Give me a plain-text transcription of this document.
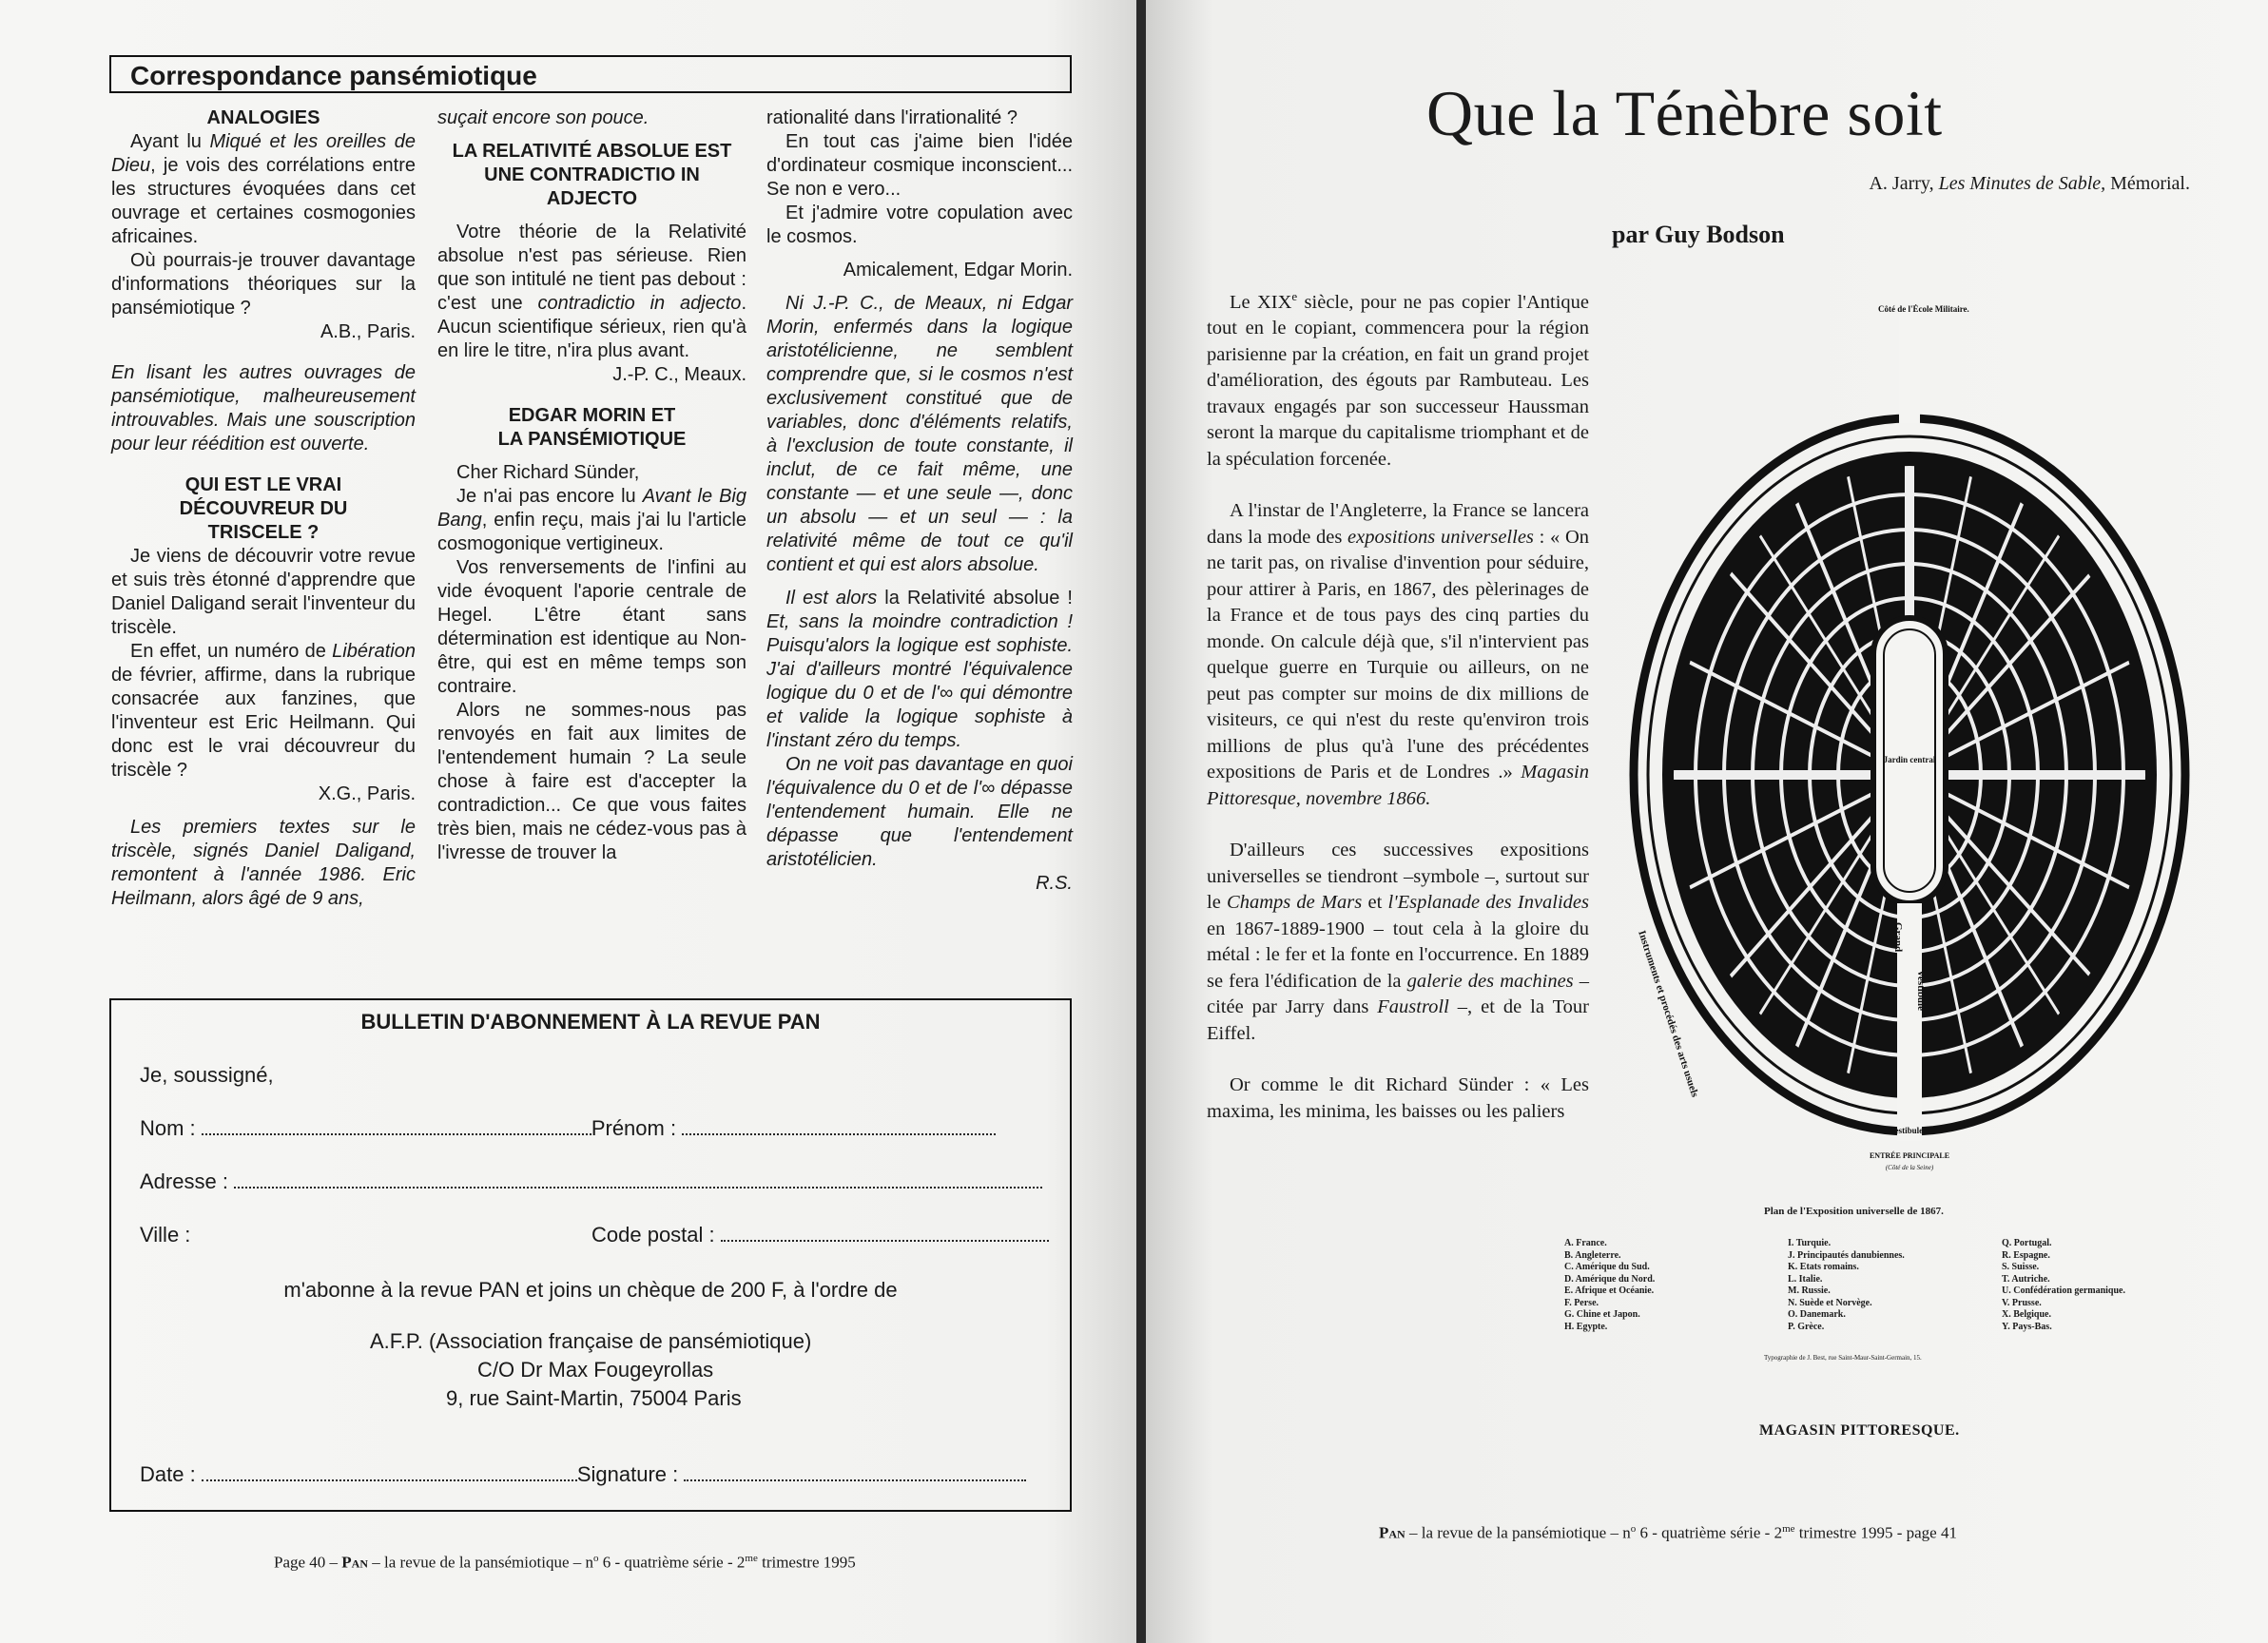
Correspondance pansémiotique

ANALOGIES

Ayant lu Miqué et les oreilles de Dieu, je vois des corrélations entre les structures évoquées dans cet ouvrage et certaines cosmogonies africaines.

Où pourrais-je trouver davantage d'informations théoriques sur la pansémiotique ?

A.B., Paris.

En lisant les autres ouvrages de pansémiotique, malheureusement introuvables. Mais une souscription pour leur réédition est ouverte.

QUI EST LE VRAI DÉCOUVREUR DU TRISCELE ?

Je viens de découvrir votre revue et suis très étonné d'apprendre que Daniel Daligand serait l'inventeur du triscèle.

En effet, un numéro de Libération de février, affirme, dans la rubrique consacrée aux fanzines, que l'inventeur est Eric Heilmann. Qui donc est le vrai découvreur du triscèle ?

X.G., Paris.

Les premiers textes sur le triscèle, signés Daniel Daligand, remontent à l'année 1986. Eric Heilmann, alors âgé de 9 ans,

suçait encore son pouce.

LA RELATIVITÉ ABSOLUE EST UNE CONTRADICTIO IN ADJECTO

Votre théorie de la Relativité absolue n'est pas sérieuse. Rien que son intitulé ne tient pas debout : c'est une contradictio in adjecto. Aucun scientifique sérieux, rien qu'à en lire le titre, n'ira plus avant.

J.-P. C., Meaux.

EDGAR MORIN ET LA PANSÉMIOTIQUE

Cher Richard Sünder,

Je n'ai pas encore lu Avant le Big Bang, enfin reçu, mais j'ai lu l'article cosmogonique vertigineux.

Vos renversements de l'infini au vide évoquent l'aporie centrale de Hegel. L'être étant sans détermination est identique au Non-être, qui est en même temps son contraire.

Alors ne sommes-nous pas renvoyés en fait aux limites de l'entendement humain ? La seule chose à faire est d'accepter la contradiction... Ce que vous faites très bien, mais ne cédez-vous pas à l'ivresse de trouver la

rationalité dans l'irrationalité ?

En tout cas j'aime bien l'idée d'ordinateur cosmique inconscient... Se non e vero...

Et j'admire votre copulation avec le cosmos.

Amicalement, Edgar Morin.

Ni J.-P. C., de Meaux, ni Edgar Morin, enfermés dans la logique aristotélicienne, ne semblent comprendre que, si le cosmos n'est exclusivement constitué que de variables, donc d'éléments relatifs, à l'exclusion de toute constante, il inclut, de ce fait même, une constante — et une seule —, donc un absolu — et un seul — : la relativité même de tout ce qu'il contient et qui est alors absolue.

Il est alors la Relativité absolue ! Et, sans la moindre contradiction ! Puisqu'alors la logique est sophiste. J'ai d'ailleurs montré l'équivalence logique du 0 et de l'∞ qui démontre et valide la logique sophiste à l'instant zéro du temps.

On ne voit pas davantage en quoi l'équivalence du 0 et de l'∞ dépasse l'entendement humain. Elle ne dépasse que l'entendement aristotélicien.

R.S.

BULLETIN D'ABONNEMENT À LA REVUE PAN
Je, soussigné,
Nom :	Prénom :
Adresse :
Ville :	Code postal :
m'abonne à la revue PAN et joins un chèque de 200 F, à l'ordre de
A.F.P. (Association française de pansémiotique)
C/O Dr Max Fougeyrollas
9, rue Saint-Martin, 75004 Paris
Date :	Signature :
Page 40 – Pan – la revue de la pansémiotique – $n^o$ 6 - quatrième série - $2^{me}$ trimestre 1995
Que la Ténèbre soit
A. Jarry, Les Minutes de Sable, Mémorial.
par Guy Bodson

Le XIXe siècle, pour ne pas copier l'Antique tout en le copiant, commencera pour la région parisienne par la création, en fait un grand projet d'amélioration, des égouts par Rambuteau. Les travaux engagés par son successeur Haussman seront la marque du capitalisme triomphant et de la spéculation forcenée.

A l'instar de l'Angleterre, la France se lancera dans la mode des expositions universelles : « On ne tarit pas, on rivalise d'invention pour séduire, pour attirer à Paris, en 1867, des pèlerinages de la France et de tous pays des cinq parties du monde. On calcule déjà que, s'il n'intervient pas quelque guerre en Turquie ou ailleurs, on ne peut pas compter sur moins de dix millions de visiteurs, ce qui n'est du reste qu'environ trois millions de plus qu'à l'une des précédentes expositions de Paris et de Londres .» Magasin Pittoresque, novembre 1866.

D'ailleurs ces successives expositions universelles se tiendront –symbole –, surtout sur le Champs de Mars et l'Esplanade des Invalides en 1867-1889-1900 – tout cela à la gloire du métal : le fer et la fonte en l'occurrence. En 1889 se fera l'édification de la galerie des machines – citée par Jarry dans Faustroll –, et de la Tour Eiffel.

Or comme le dit Richard Sünder : « Les maxima, les minima, les baisses ou les paliers

Côté de l'École Militaire.
Jardin central
Grand
Vestibule
Instruments et procédés des arts usuels
Vestibule
ENTRÉE PRINCIPALE
(Côté de la Seine)
Plan de l'Exposition universelle de 1867.
A. France.
B. Angleterre.
C. Amérique du Sud.
D. Amérique du Nord.
E. Afrique et Océanie.
F. Perse.
G. Chine et Japon.
H. Egypte.
I. Turquie.
J. Principautés danubiennes.
K. Etats romains.
L. Italie.
M. Russie.
N. Suède et Norvège.
O. Danemark.
P. Grèce.
Q. Portugal.
R. Espagne.
S. Suisse.
T. Autriche.
U. Confédération germanique.
V. Prusse.
X. Belgique.
Y. Pays-Bas.
Typographie de J. Best, rue Saint-Maur-Saint-Germain, 15.
MAGASIN PITTORESQUE.
Pan – la revue de la pansémiotique – $n^o$ 6 - quatrième série - $2^{me}$ trimestre 1995 - page 41
